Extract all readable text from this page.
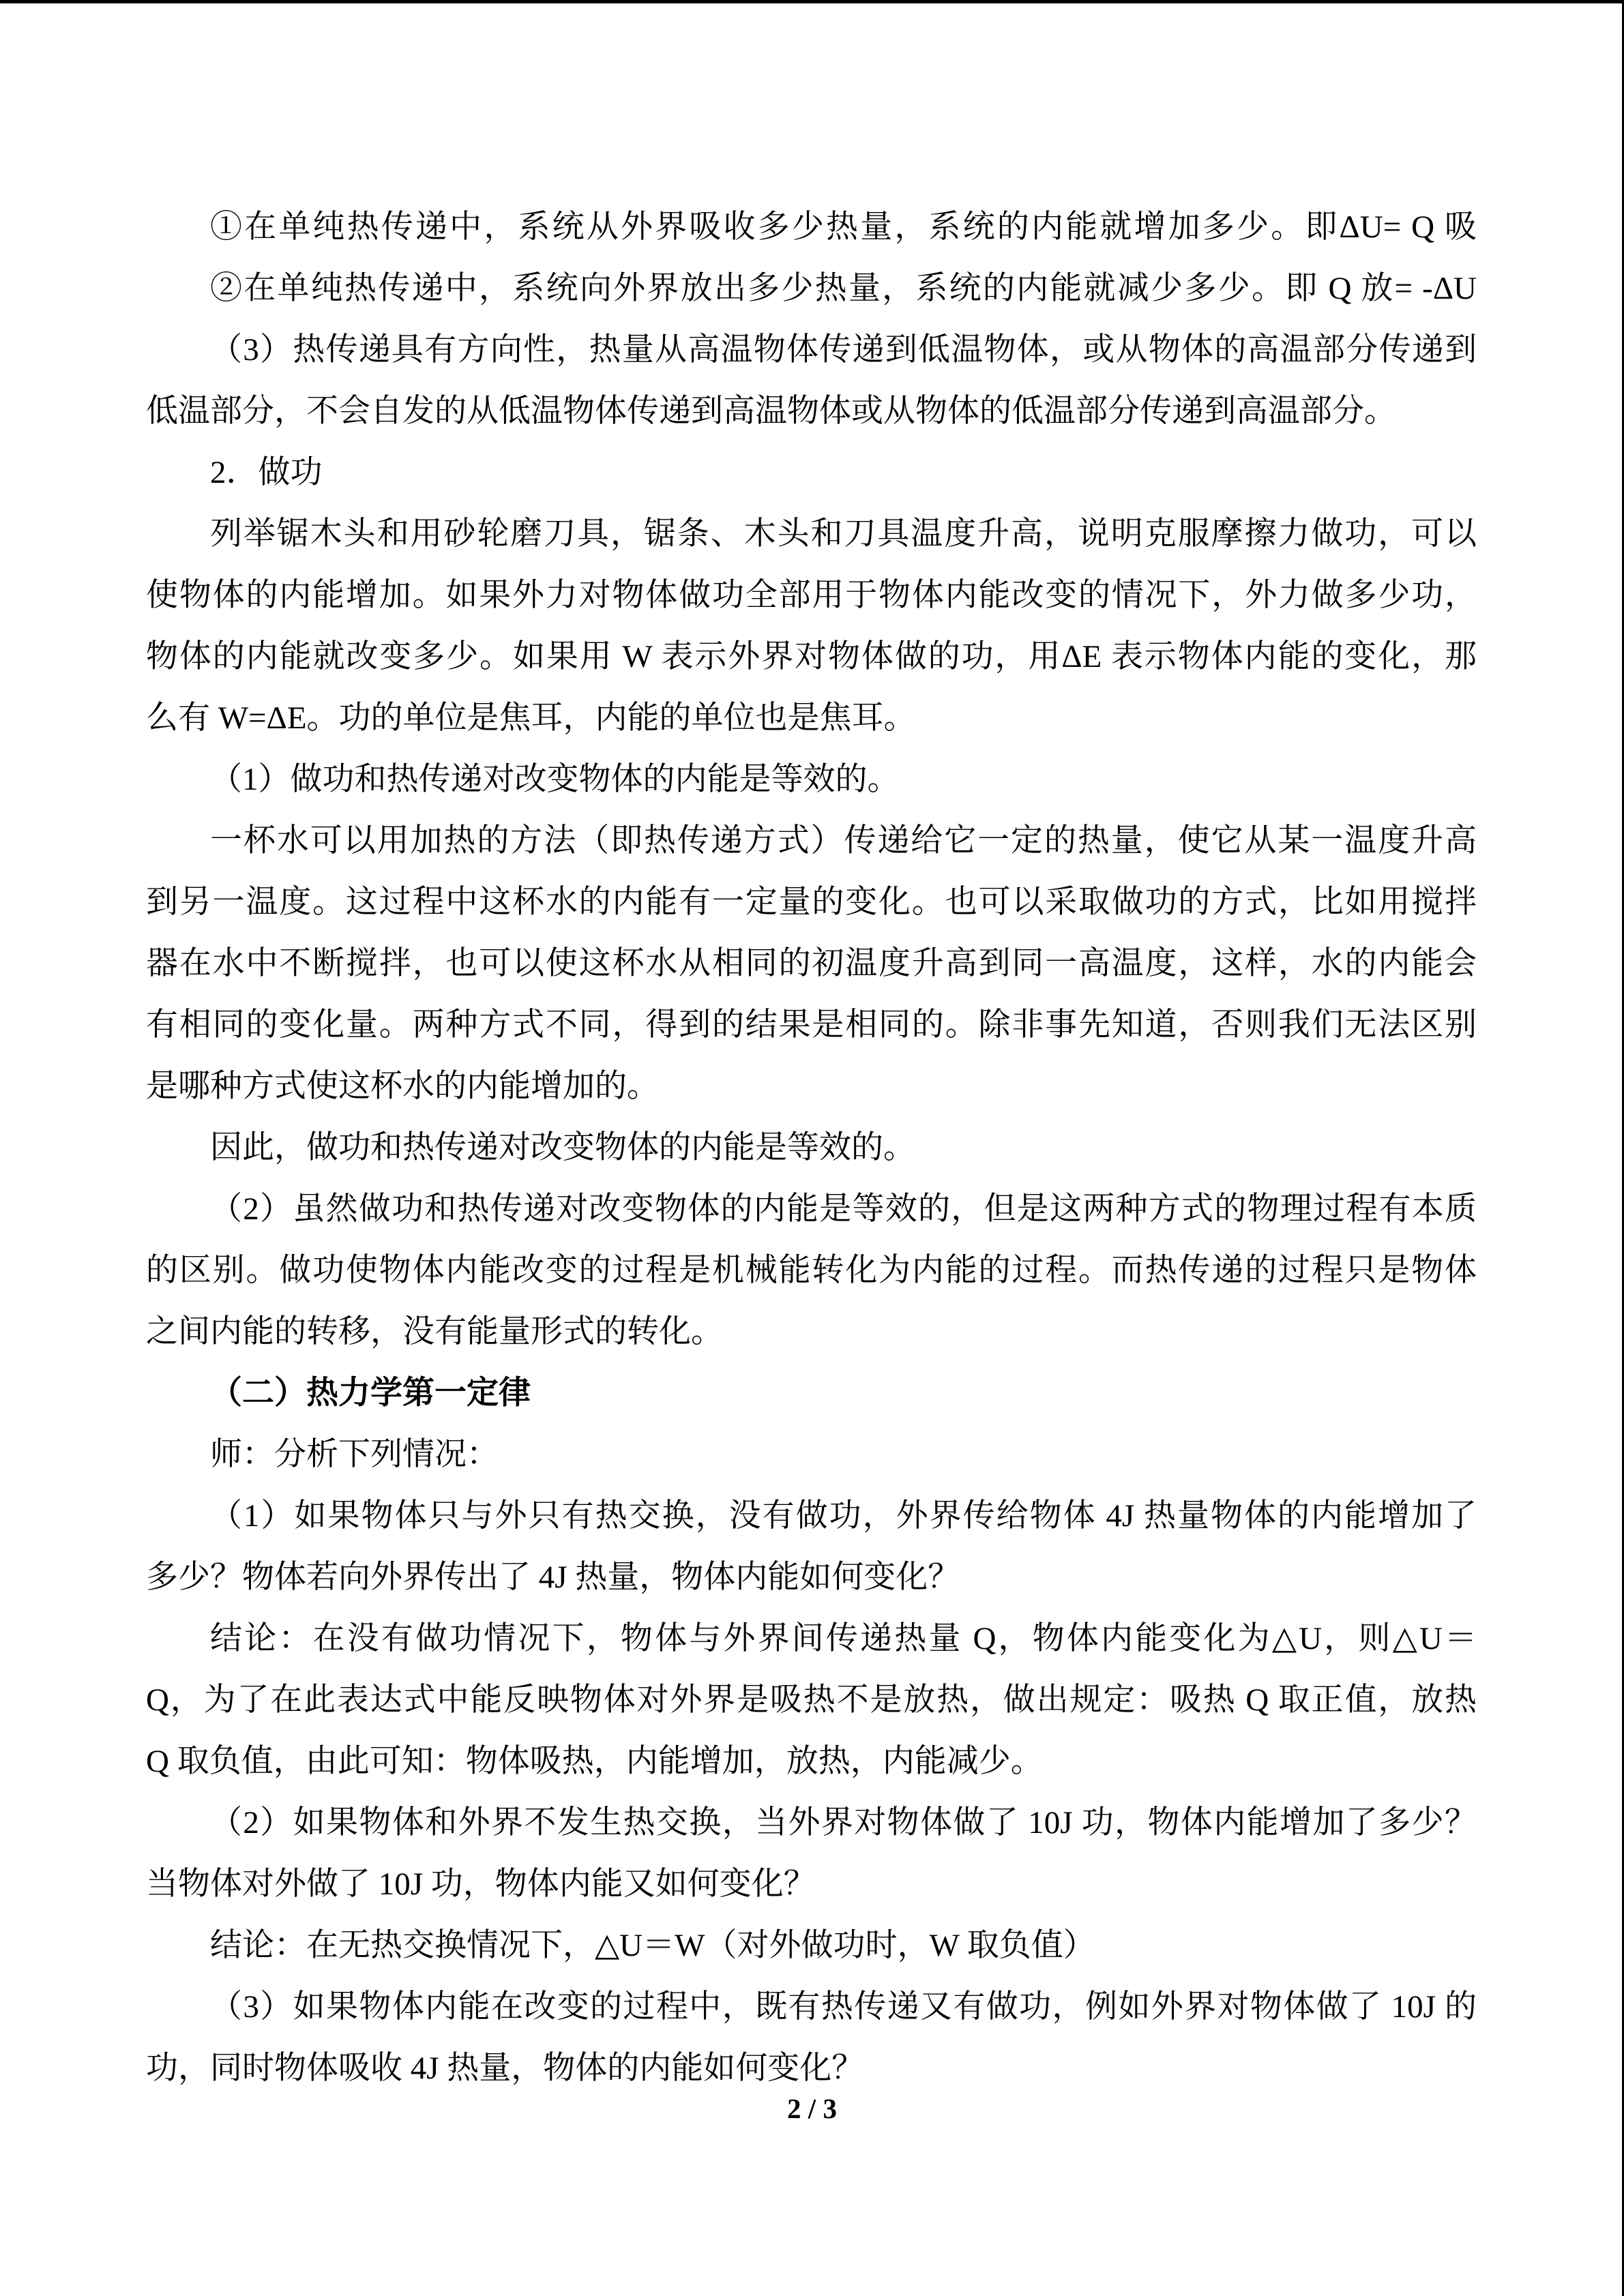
①在单纯热传递中，系统从外界吸收多少热量，系统的内能就增加多少。即ΔU= Q 吸
②在单纯热传递中，系统向外界放出多少热量，系统的内能就减少多少。即 Q 放= -ΔU
（3）热传递具有方向性，热量从高温物体传递到低温物体，或从物体的高温部分传递到
低温部分，不会自发的从低温物体传递到高温物体或从物体的低温部分传递到高温部分。
2．做功
列举锯木头和用砂轮磨刀具，锯条、木头和刀具温度升高，说明克服摩擦力做功，可以
使物体的内能增加。如果外力对物体做功全部用于物体内能改变的情况下，外力做多少功，
物体的内能就改变多少。如果用 W 表示外界对物体做的功，用ΔE 表示物体内能的变化，那
么有 W=ΔE。功的单位是焦耳，内能的单位也是焦耳。
（1）做功和热传递对改变物体的内能是等效的。
一杯水可以用加热的方法（即热传递方式）传递给它一定的热量，使它从某一温度升高
到另一温度。这过程中这杯水的内能有一定量的变化。也可以采取做功的方式，比如用搅拌
器在水中不断搅拌，也可以使这杯水从相同的初温度升高到同一高温度，这样，水的内能会
有相同的变化量。两种方式不同，得到的结果是相同的。除非事先知道，否则我们无法区别
是哪种方式使这杯水的内能增加的。
因此，做功和热传递对改变物体的内能是等效的。
（2）虽然做功和热传递对改变物体的内能是等效的，但是这两种方式的物理过程有本质
的区别。做功使物体内能改变的过程是机械能转化为内能的过程。而热传递的过程只是物体
之间内能的转移，没有能量形式的转化。
（二）热力学第一定律
师：分析下列情况：
（1）如果物体只与外只有热交换，没有做功，外界传给物体 4J 热量物体的内能增加了
多少？物体若向外界传出了 4J 热量，物体内能如何变化？
结论：在没有做功情况下，物体与外界间传递热量 Q，物体内能变化为△U，则△U＝
Q，为了在此表达式中能反映物体对外界是吸热不是放热，做出规定：吸热 Q 取正值，放热
Q 取负值，由此可知：物体吸热，内能增加，放热，内能减少。
（2）如果物体和外界不发生热交换，当外界对物体做了 10J 功，物体内能增加了多少？
当物体对外做了 10J 功，物体内能又如何变化？
结论：在无热交换情况下，△U＝W（对外做功时，W 取负值）
（3）如果物体内能在改变的过程中，既有热传递又有做功，例如外界对物体做了 10J 的
功，同时物体吸收 4J 热量，物体的内能如何变化？
2 / 3
